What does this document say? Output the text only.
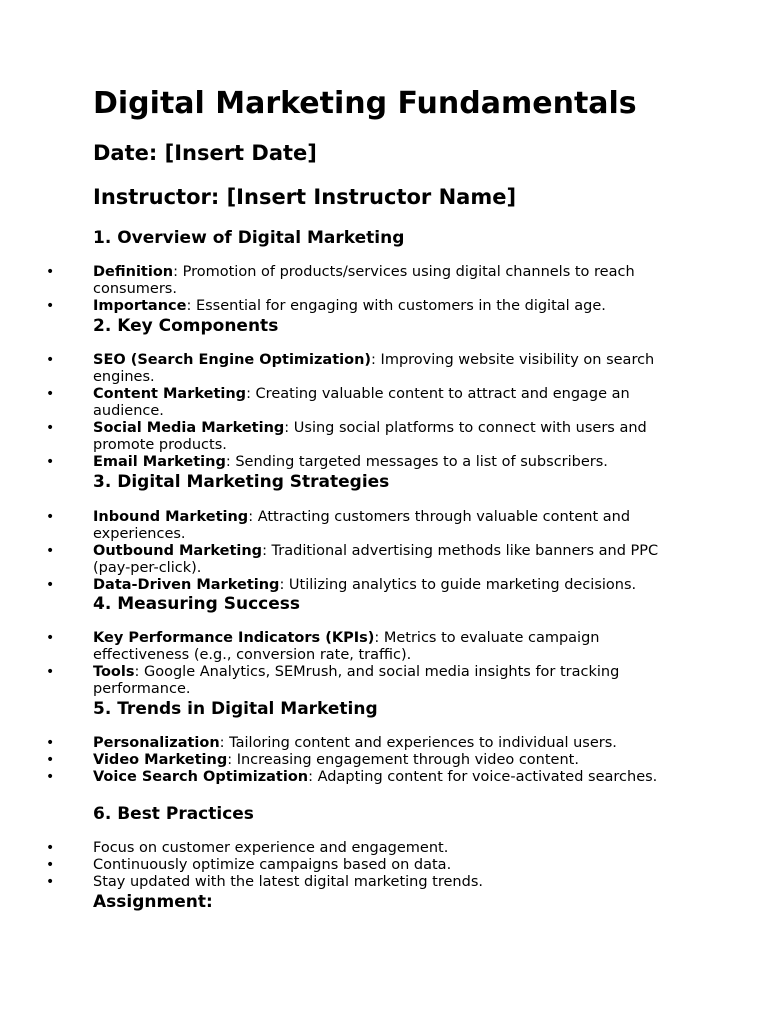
Digital Marketing Fundamentals
Date: [Insert Date]
Instructor: [Insert Instructor Name]
1. Overview of Digital Marketing
•	Definition: Promotion of products/services using digital channels to reach consumers.
•	Importance: Essential for engaging with customers in the digital age.
2. Key Components
•	SEO (Search Engine Optimization): Improving website visibility on search engines.
•	Content Marketing: Creating valuable content to attract and engage an audience.
•	Social Media Marketing: Using social platforms to connect with users and promote products.
•	Email Marketing: Sending targeted messages to a list of subscribers.
3. Digital Marketing Strategies
•	Inbound Marketing: Attracting customers through valuable content and experiences.
•	Outbound Marketing: Traditional advertising methods like banners and PPC (pay-per-click).
•	Data-Driven Marketing: Utilizing analytics to guide marketing decisions.
4. Measuring Success
•	Key Performance Indicators (KPIs): Metrics to evaluate campaign effectiveness (e.g., conversion rate, traffic).
•	Tools: Google Analytics, SEMrush, and social media insights for tracking performance.
5. Trends in Digital Marketing
•	Personalization: Tailoring content and experiences to individual users.
•	Video Marketing: Increasing engagement through video content.
•	Voice Search Optimization: Adapting content for voice-activated searches.
6. Best Practices
•	Focus on customer experience and engagement.
•	Continuously optimize campaigns based on data.
•	Stay updated with the latest digital marketing trends.
Assignment:
